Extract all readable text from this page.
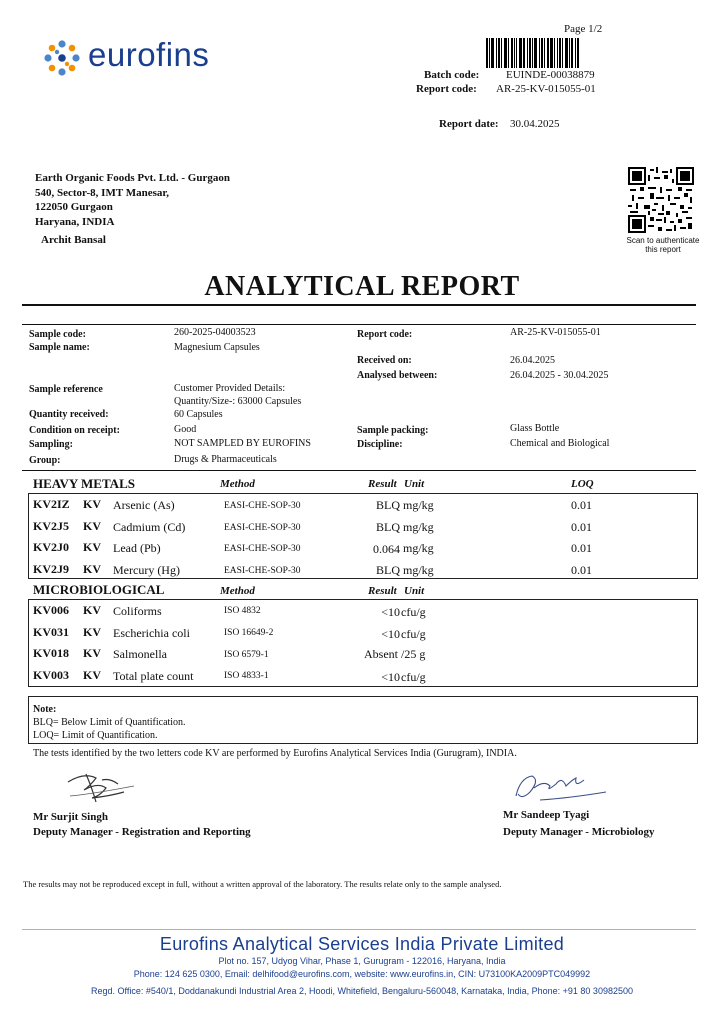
Page 1/2
eurofins
Batch code: EUINDE-00038879
Report code: AR-25-KV-015055-01
Report date: 30.04.2025
Earth Organic Foods Pvt. Ltd. - Gurgaon
540, Sector-8, IMT Manesar,
122050 Gurgaon
Haryana, INDIA
Archit Bansal	Scan to authenticate
this report
ANALYTICAL REPORT
Sample code:	260-2025-04003523	Report code:	AR-25-KV-015055-01
Sample name:	Magnesium Capsules
Received on:	26.04.2025
Analysed between:	26.04.2025 - 30.04.2025
Sample reference	Customer Provided Details:
Quantity/Size-: 63000 Capsules
Quantity received:	60 Capsules
Condition on receipt:	Good	Sample packing:	Glass Bottle
Sampling:	NOT SAMPLED BY EUROFINS	Discipline:	Chemical and Biological
Group:	Drugs & Pharmaceuticals
HEAVY METALS	Method	Result Unit	LOQ
KV2IZ KV Arsenic (As)	EASI-CHE-SOP-30	BLQ mg/kg	0.01
KV2J5 KV Cadmium (Cd)	EASI-CHE-SOP-30	BLQ mg/kg	0.01
KV2J0 KV Lead (Pb)	EASI-CHE-SOP-30	0.064 mg/kg	0.01
KV2J9 KV Mercury (Hg)	EASI-CHE-SOP-30	BLQ mg/kg	0.01
MICROBIOLOGICAL	Method	Result Unit
KV006 KV Coliforms	ISO 4832	<10 cfu/g
KV031 KV Escherichia coli	ISO 16649-2	<10 cfu/g
KV018 KV Salmonella	ISO 6579-1	Absent /25 g
KV003 KV Total plate count	ISO 4833-1	<10 cfu/g
Note:
BLQ= Below Limit of Quantification.
LOQ= Limit of Quantification.
The tests identified by the two letters code KV are performed by Eurofins Analytical Services India (Gurugram), INDIA.
Mr Surjit Singh
Deputy Manager - Registration and Reporting
Mr Sandeep Tyagi
Deputy Manager - Microbiology
The results may not be reproduced except in full, without a written approval of the laboratory. The results relate only to the sample analysed.
Eurofins Analytical Services India Private Limited
Plot no. 157, Udyog Vihar, Phase 1, Gurugram - 122016, Haryana, India
Phone: 124 625 0300, Email: delhifood@eurofins.com, website: www.eurofins.in, CIN: U73100KA2009PTC049992
Regd. Office: #540/1, Doddanakundi Industrial Area 2, Hoodi, Whitefield, Bengaluru-560048, Karnataka, India, Phone: +91 80 30982500
